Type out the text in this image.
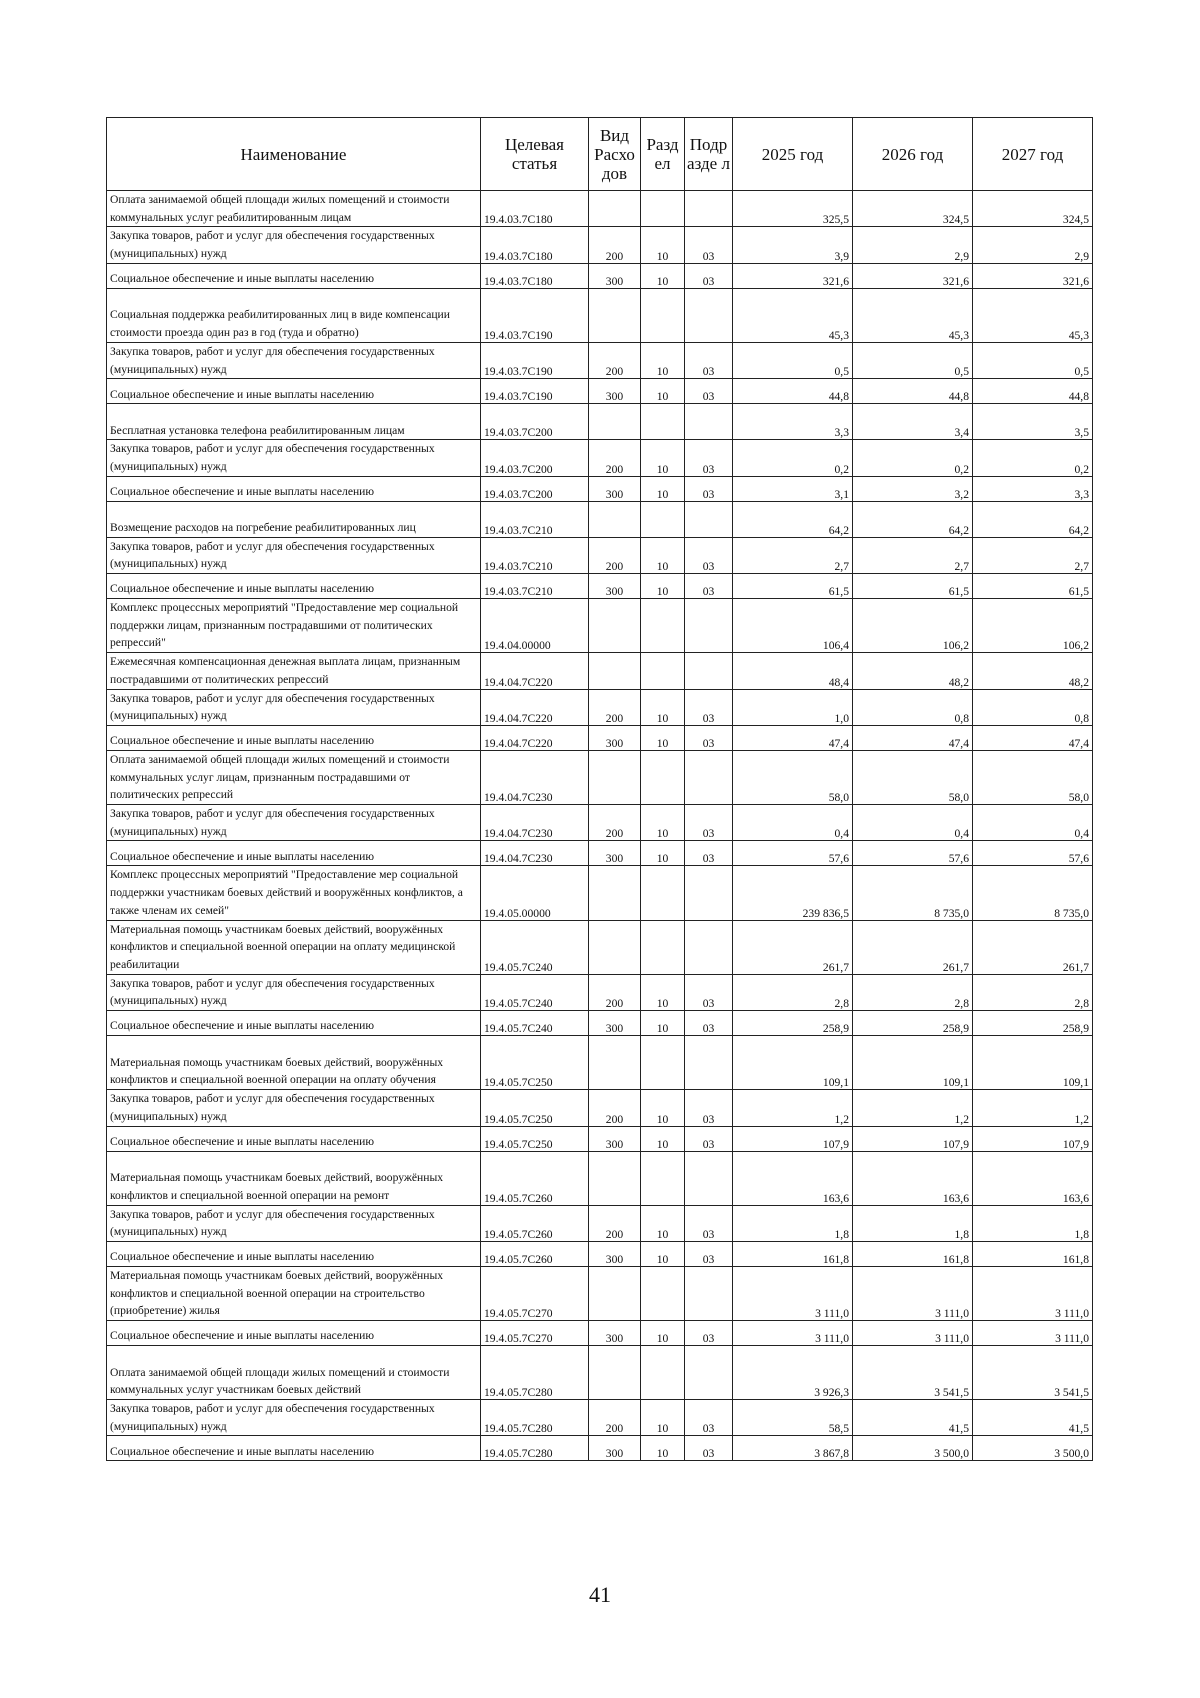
Наименование	Целевая статья	Вид Расхо дов	Разд ел	Подр азде л	2025 год	2026 год	2027 год
Оплата занимаемой общей площади жилых помещений и стоимости коммунальных услуг реабилитированным лицам	19.4.03.7С180				325,5	324,5	324,5
Закупка товаров, работ и услуг для обеспечения государственных (муниципальных) нужд	19.4.03.7С180	200	10	03	3,9	2,9	2,9
Социальное обеспечение и иные выплаты населению	19.4.03.7С180	300	10	03	321,6	321,6	321,6
Социальная поддержка реабилитированных лиц в виде компенсации стоимости проезда один раз в год (туда и обратно)	19.4.03.7С190				45,3	45,3	45,3
Закупка товаров, работ и услуг для обеспечения государственных (муниципальных) нужд	19.4.03.7С190	200	10	03	0,5	0,5	0,5
Социальное обеспечение и иные выплаты населению	19.4.03.7С190	300	10	03	44,8	44,8	44,8
Бесплатная установка телефона реабилитированным лицам	19.4.03.7С200				3,3	3,4	3,5
Закупка товаров, работ и услуг для обеспечения государственных (муниципальных) нужд	19.4.03.7С200	200	10	03	0,2	0,2	0,2
Социальное обеспечение и иные выплаты населению	19.4.03.7С200	300	10	03	3,1	3,2	3,3
Возмещение расходов на погребение реабилитированных лиц	19.4.03.7С210				64,2	64,2	64,2
Закупка товаров, работ и услуг для обеспечения государственных (муниципальных) нужд	19.4.03.7С210	200	10	03	2,7	2,7	2,7
Социальное обеспечение и иные выплаты населению	19.4.03.7С210	300	10	03	61,5	61,5	61,5
Комплекс процессных мероприятий "Предоставление мер социальной поддержки лицам, признанным пострадавшими от политических репрессий"	19.4.04.00000				106,4	106,2	106,2
Ежемесячная компенсационная денежная выплата лицам, признанным пострадавшими от политических репрессий	19.4.04.7С220				48,4	48,2	48,2
Закупка товаров, работ и услуг для обеспечения государственных (муниципальных) нужд	19.4.04.7С220	200	10	03	1,0	0,8	0,8
Социальное обеспечение и иные выплаты населению	19.4.04.7С220	300	10	03	47,4	47,4	47,4
Оплата занимаемой общей площади жилых помещений и стоимости коммунальных услуг лицам, признанным пострадавшими от политических репрессий	19.4.04.7С230				58,0	58,0	58,0
Закупка товаров, работ и услуг для обеспечения государственных (муниципальных) нужд	19.4.04.7С230	200	10	03	0,4	0,4	0,4
Социальное обеспечение и иные выплаты населению	19.4.04.7С230	300	10	03	57,6	57,6	57,6
Комплекс процессных мероприятий "Предоставление мер социальной поддержки участникам боевых действий и вооружённых конфликтов, а также членам их семей"	19.4.05.00000				239 836,5	8 735,0	8 735,0
Материальная помощь участникам боевых действий, вооружённых конфликтов и специальной военной операции на оплату медицинской реабилитации	19.4.05.7С240				261,7	261,7	261,7
Закупка товаров, работ и услуг для обеспечения государственных (муниципальных) нужд	19.4.05.7С240	200	10	03	2,8	2,8	2,8
Социальное обеспечение и иные выплаты населению	19.4.05.7С240	300	10	03	258,9	258,9	258,9
Материальная помощь участникам боевых действий, вооружённых конфликтов и специальной военной операции на оплату обучения	19.4.05.7С250				109,1	109,1	109,1
Закупка товаров, работ и услуг для обеспечения государственных (муниципальных) нужд	19.4.05.7С250	200	10	03	1,2	1,2	1,2
Социальное обеспечение и иные выплаты населению	19.4.05.7С250	300	10	03	107,9	107,9	107,9
Материальная помощь участникам боевых действий, вооружённых конфликтов и специальной военной операции на ремонт	19.4.05.7С260				163,6	163,6	163,6
Закупка товаров, работ и услуг для обеспечения государственных (муниципальных) нужд	19.4.05.7С260	200	10	03	1,8	1,8	1,8
Социальное обеспечение и иные выплаты населению	19.4.05.7С260	300	10	03	161,8	161,8	161,8
Материальная помощь участникам боевых действий, вооружённых конфликтов и специальной военной операции на строительство (приобретение) жилья	19.4.05.7С270				3 111,0	3 111,0	3 111,0
Социальное обеспечение и иные выплаты населению	19.4.05.7С270	300	10	03	3 111,0	3 111,0	3 111,0
Оплата занимаемой общей площади жилых помещений и стоимости коммунальных услуг участникам боевых действий	19.4.05.7С280				3 926,3	3 541,5	3 541,5
Закупка товаров, работ и услуг для обеспечения государственных (муниципальных) нужд	19.4.05.7С280	200	10	03	58,5	41,5	41,5
Социальное обеспечение и иные выплаты населению	19.4.05.7С280	300	10	03	3 867,8	3 500,0	3 500,0
41
